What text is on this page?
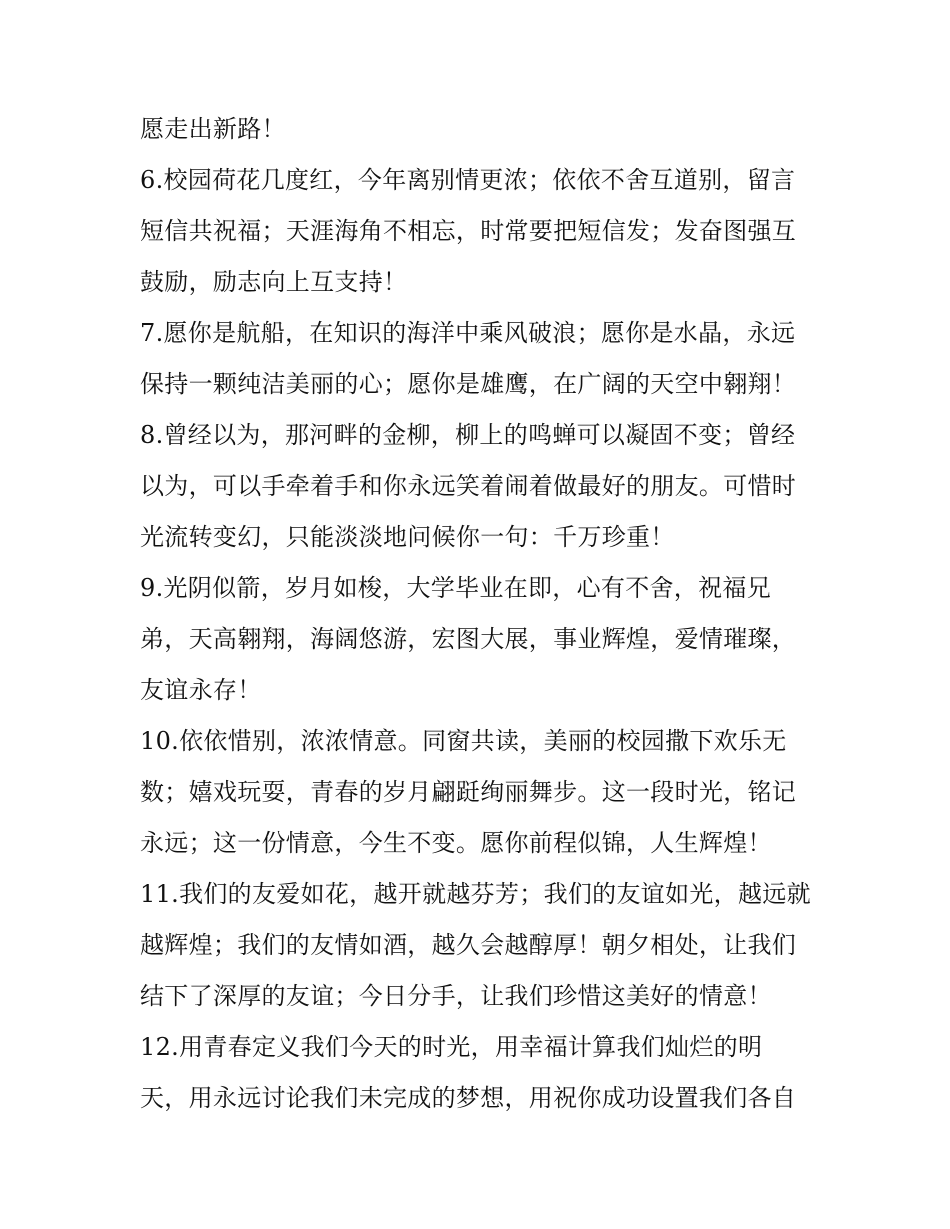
愿走出新路！
6.校园荷花几度红，今年离别情更浓；依依不舍互道别，留言
短信共祝福；天涯海角不相忘，时常要把短信发；发奋图强互
鼓励，励志向上互支持！
7.愿你是航船，在知识的海洋中乘风破浪；愿你是水晶，永远
保持一颗纯洁美丽的心；愿你是雄鹰，在广阔的天空中翱翔！
8.曾经以为，那河畔的金柳，柳上的鸣蝉可以凝固不变；曾经
以为，可以手牵着手和你永远笑着闹着做最好的朋友。可惜时
光流转变幻，只能淡淡地问候你一句：千万珍重！
9.光阴似箭，岁月如梭，大学毕业在即，心有不舍，祝福兄
弟，天高翱翔，海阔悠游，宏图大展，事业辉煌，爱情璀璨，
友谊永存！
10.依依惜别，浓浓情意。同窗共读，美丽的校园撒下欢乐无
数；嬉戏玩耍，青春的岁月翩跹绚丽舞步。这一段时光，铭记
永远；这一份情意，今生不变。愿你前程似锦，人生辉煌！
11.我们的友爱如花，越开就越芬芳；我们的友谊如光，越远就
越辉煌；我们的友情如酒，越久会越醇厚！朝夕相处，让我们
结下了深厚的友谊；今日分手，让我们珍惜这美好的情意！
12.用青春定义我们今天的时光，用幸福计算我们灿烂的明
天，用永远讨论我们未完成的梦想，用祝你成功设置我们各自
